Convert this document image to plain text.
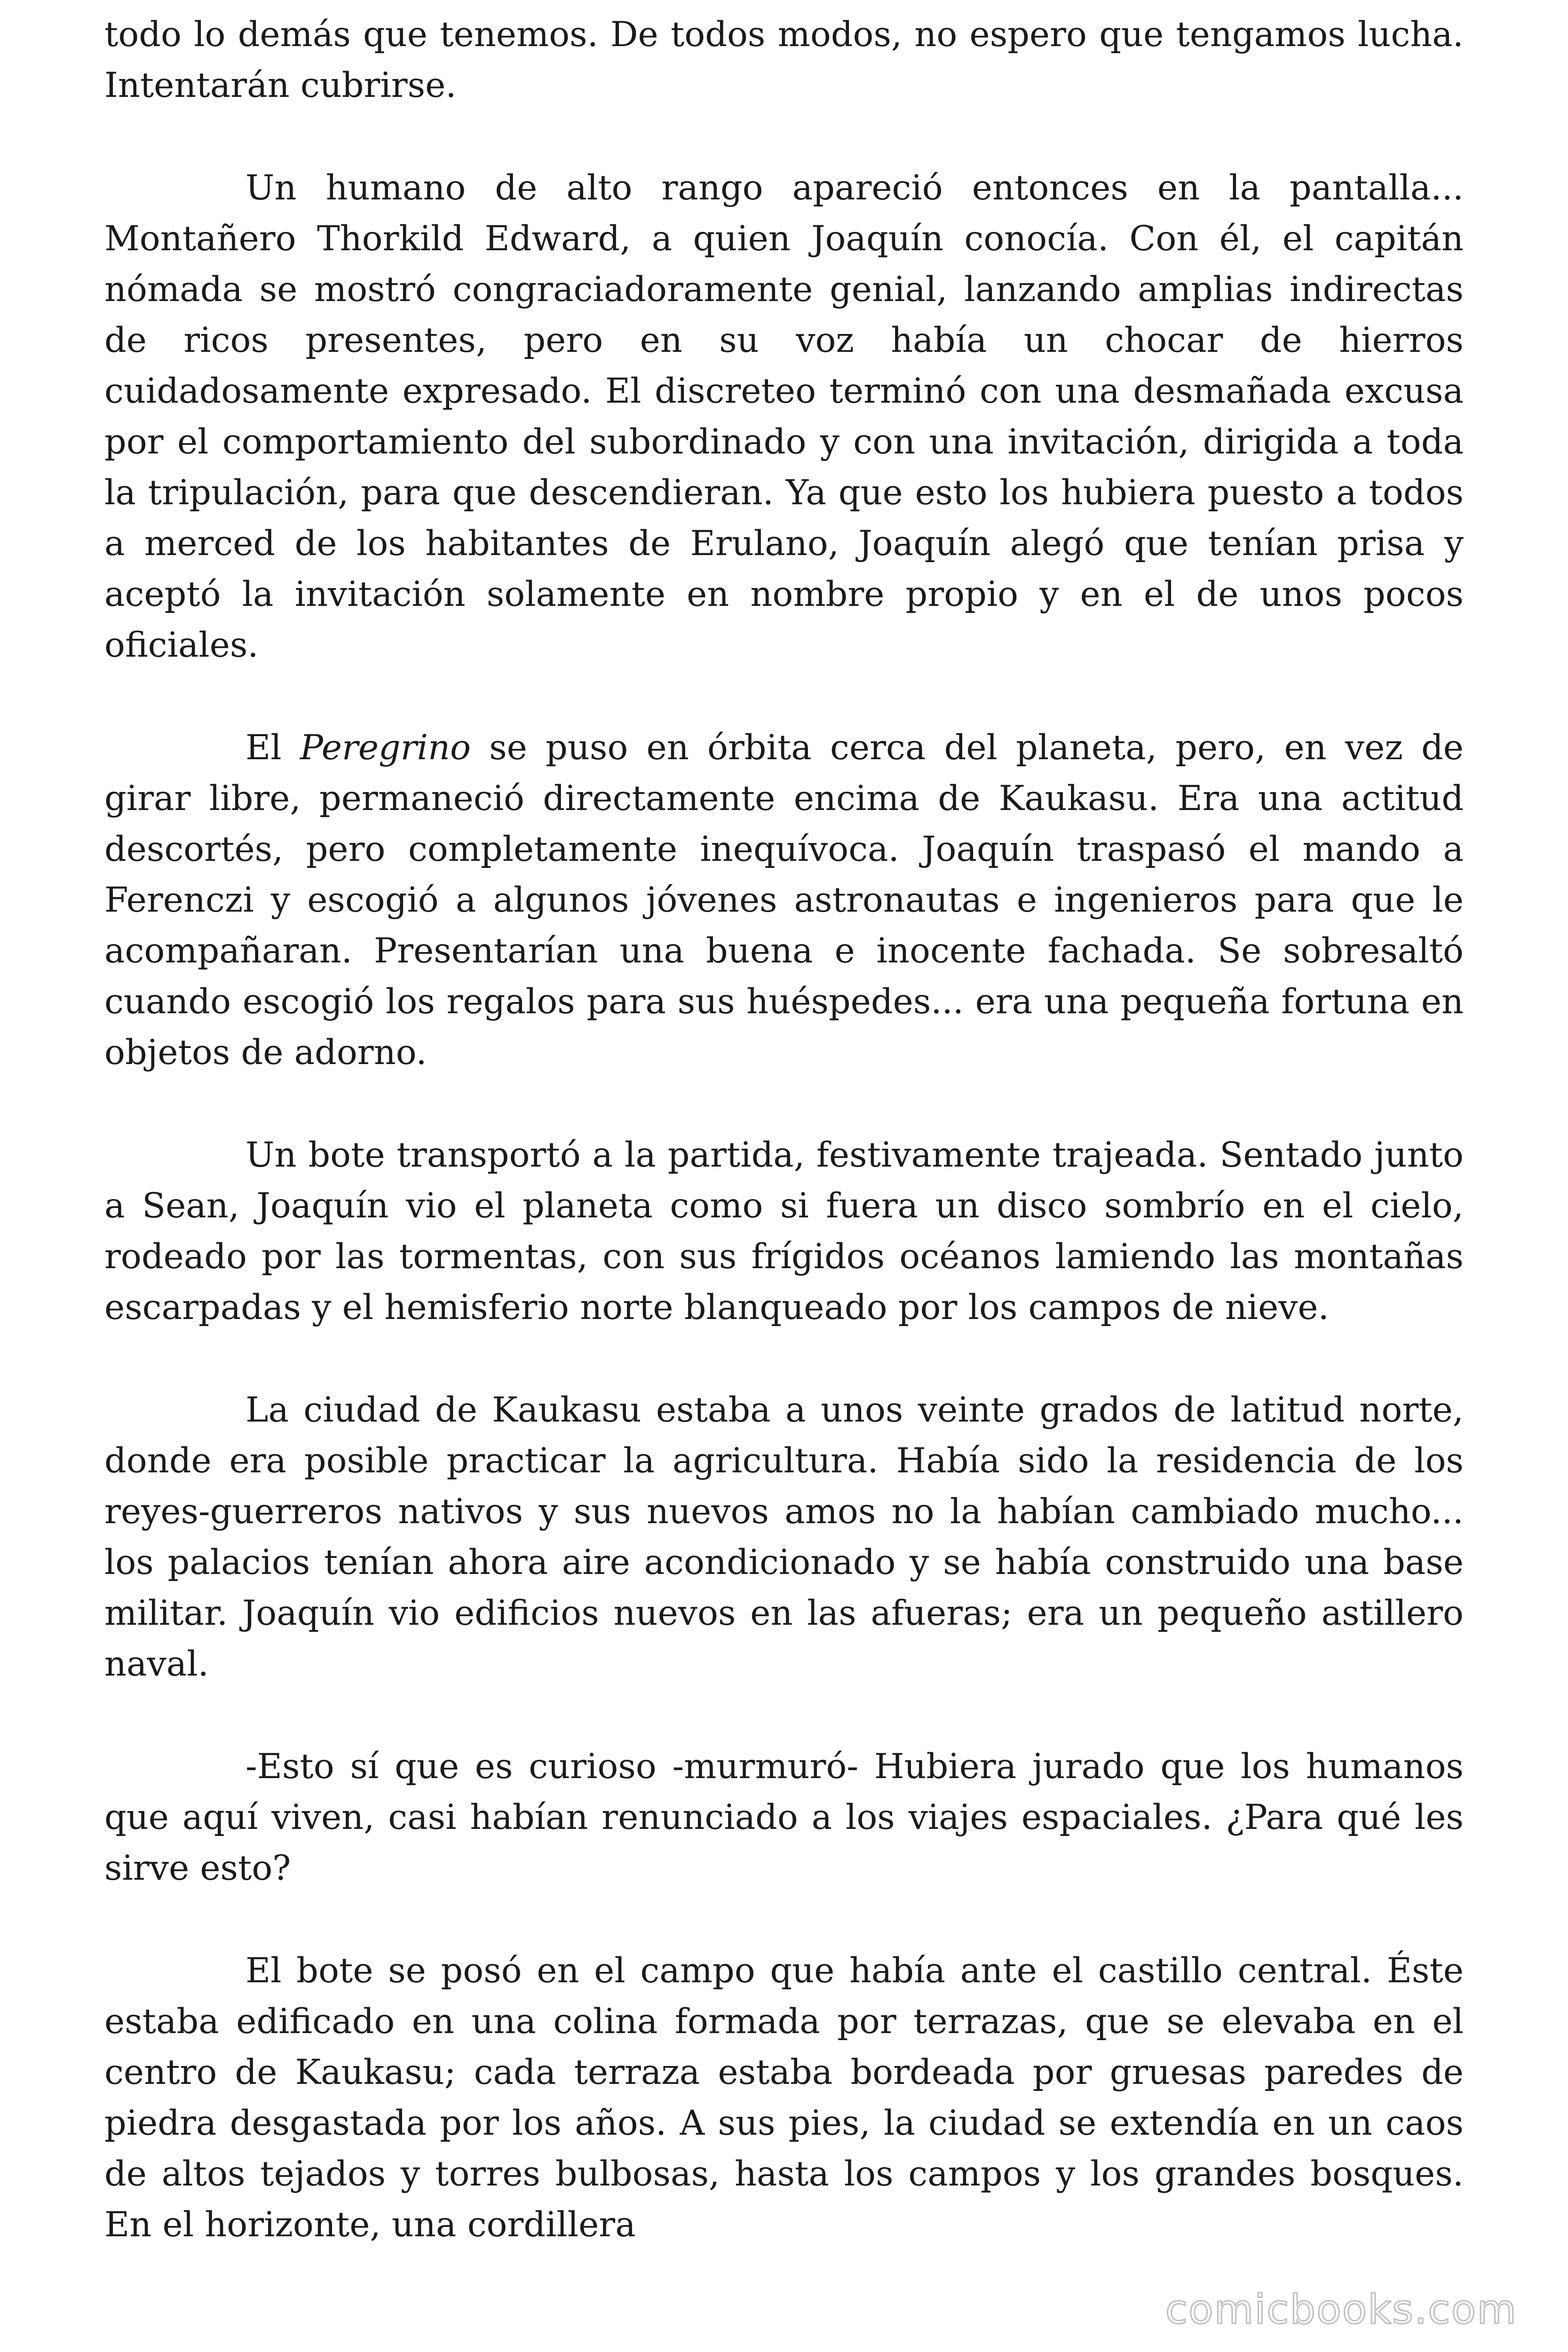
todo lo demás que tenemos. De todos modos, no espero que tengamos lucha. Intentarán cubrirse.

Un humano de alto rango apareció entonces en la pantalla... Montañero Thorkild Edward, a quien Joaquín conocía. Con él, el capitán nómada se mostró congraciadoramente genial, lanzando amplias indirectas de ricos presentes, pero en su voz había un chocar de hierros cuidadosamente expresado. El discreteo terminó con una desmañada excusa por el comportamiento del subordinado y con una invitación, dirigida a toda la tripulación, para que descendieran. Ya que esto los hubiera puesto a todos a merced de los habitantes de Erulano, Joaquín alegó que tenían prisa y aceptó la invitación solamente en nombre propio y en el de unos pocos oficiales.

El Peregrino se puso en órbita cerca del planeta, pero, en vez de girar libre, permaneció directamente encima de Kaukasu. Era una actitud descortés, pero completamente inequívoca. Joaquín traspasó el mando a Ferenczi y escogió a algunos jóvenes astronautas e ingenieros para que le acompañaran. Presentarían una buena e inocente fachada. Se sobresaltó cuando escogió los regalos para sus huéspedes... era una pequeña fortuna en objetos de adorno.

Un bote transportó a la partida, festivamente trajeada. Sentado junto a Sean, Joaquín vio el planeta como si fuera un disco sombrío en el cielo, rodeado por las tormentas, con sus frígidos océanos lamiendo las montañas escarpadas y el hemisferio norte blanqueado por los campos de nieve.

La ciudad de Kaukasu estaba a unos veinte grados de latitud norte, donde era posible practicar la agricultura. Había sido la residencia de los reyes-guerreros nativos y sus nuevos amos no la habían cambiado mucho... los palacios tenían ahora aire acondicionado y se había construido una base militar. Joaquín vio edificios nuevos en las afueras; era un pequeño astillero naval.

-Esto sí que es curioso -murmuró- Hubiera jurado que los humanos que aquí viven, casi habían renunciado a los viajes espaciales. ¿Para qué les sirve esto?

El bote se posó en el campo que había ante el castillo central. Éste estaba edificado en una colina formada por terrazas, que se elevaba en el centro de Kaukasu; cada terraza estaba bordeada por gruesas paredes de piedra desgastada por los años. A sus pies, la ciudad se extendía en un caos de altos tejados y torres bulbosas, hasta los campos y los grandes bosques. En el horizonte, una cordillera

comicbooks.com
